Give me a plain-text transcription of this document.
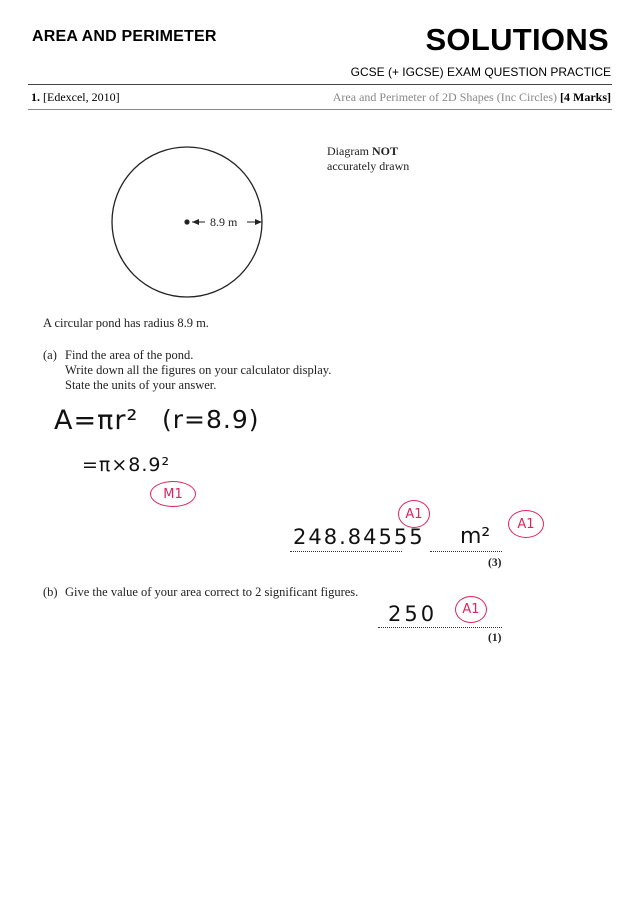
AREA AND PERIMETER	SOLUTIONS
GCSE (+ IGCSE) EXAM QUESTION PRACTICE
1. [Edexcel, 2010]	Area and Perimeter of 2D Shapes (Inc Circles) [4 Marks]
8.9 m
Diagram NOT
accurately drawn
A circular pond has radius 8.9 m.
(a) Find the area of the pond.
Write down all the figures on your calculator display.
State the units of your answer.
A=πr² (r=8.9)
=π×8.9²
M1
A1
248.84555 m²	A1
(3)
(b) Give the value of your area correct to 2 significant figures.
250	A1
(1)
